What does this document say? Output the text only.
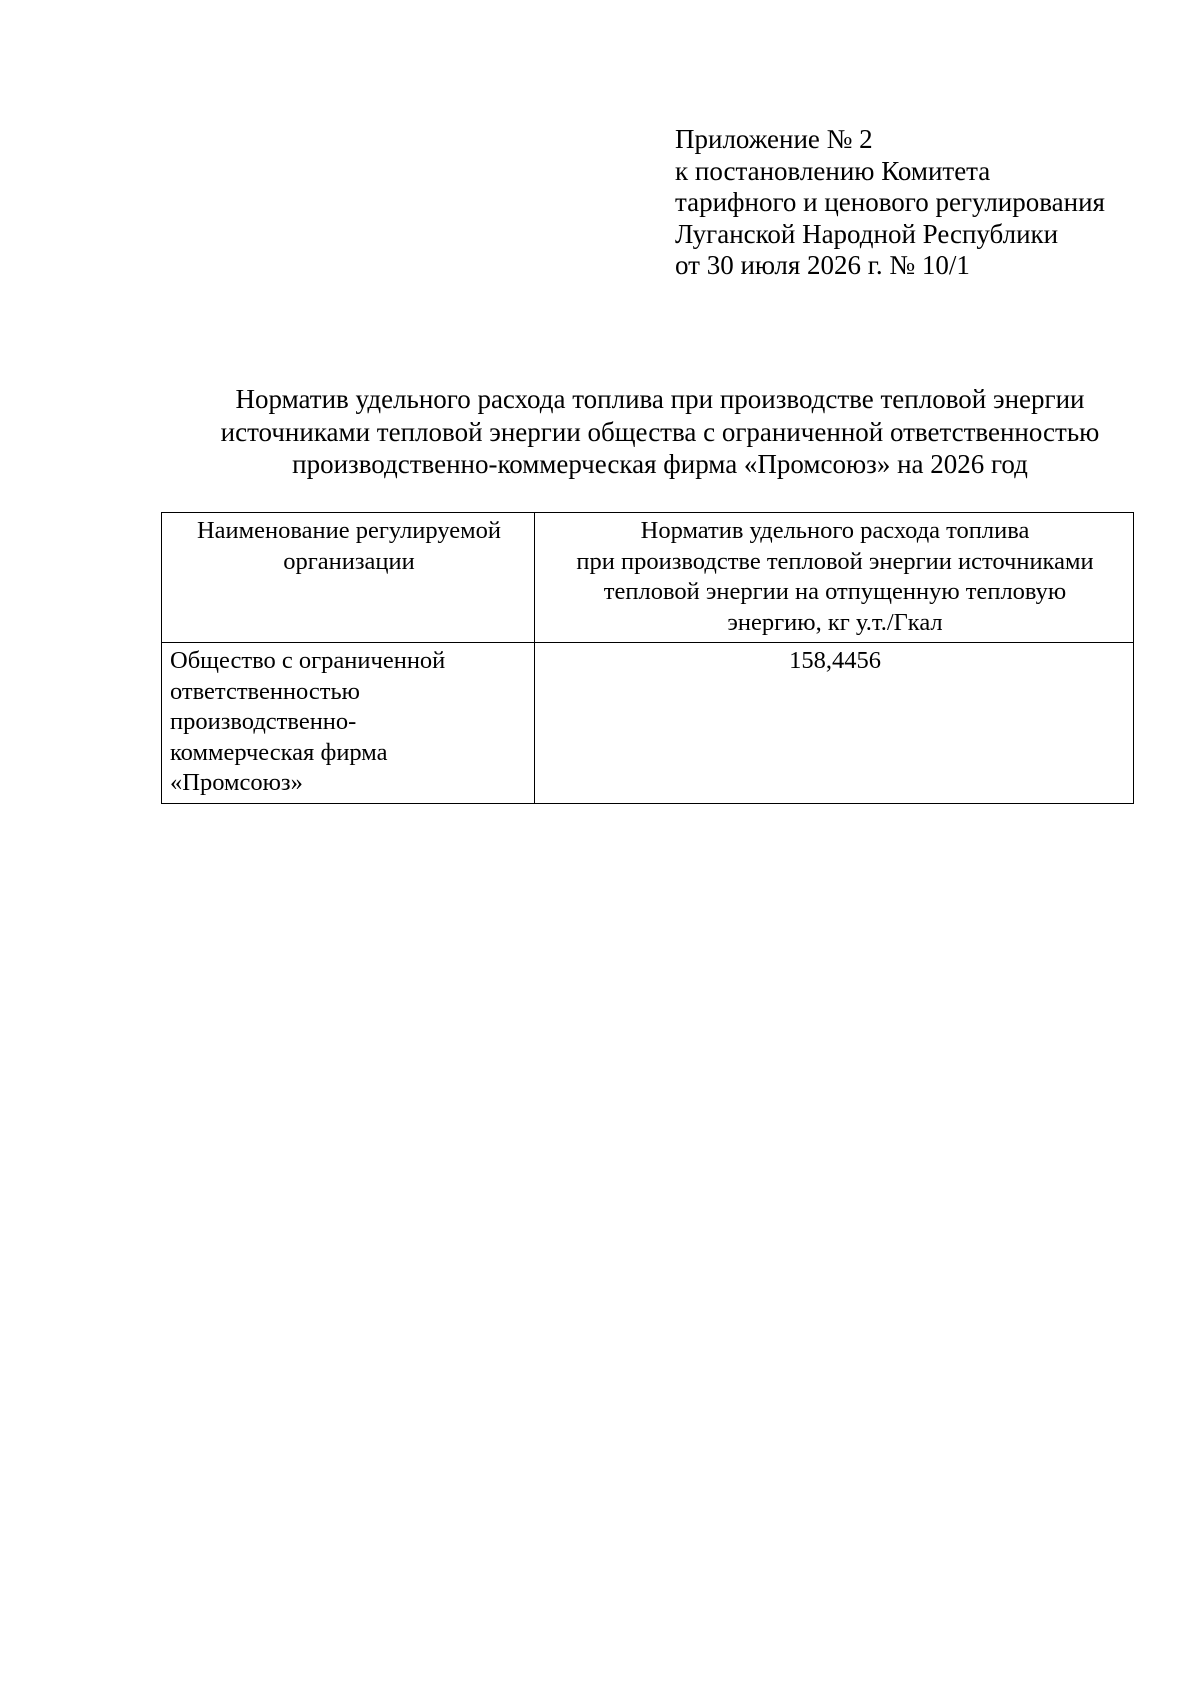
Приложение № 2
к постановлению Комитета
тарифного и ценового регулирования
Луганской Народной Республики
от 30 июля 2026 г. № 10/1
Норматив удельного расхода топлива при производстве тепловой энергии
источниками тепловой энергии общества с ограниченной ответственностью
производственно-коммерческая фирма «Промсоюз» на 2026 год
Наименование регулируемой
организации	Норматив удельного расхода топлива
при производстве тепловой энергии источниками
тепловой энергии на отпущенную тепловую
энергию, кг у.т./Гкал

Общество с ограниченной
ответственностью
производственно-
коммерческая фирма
«Промсоюз»	158,4456
